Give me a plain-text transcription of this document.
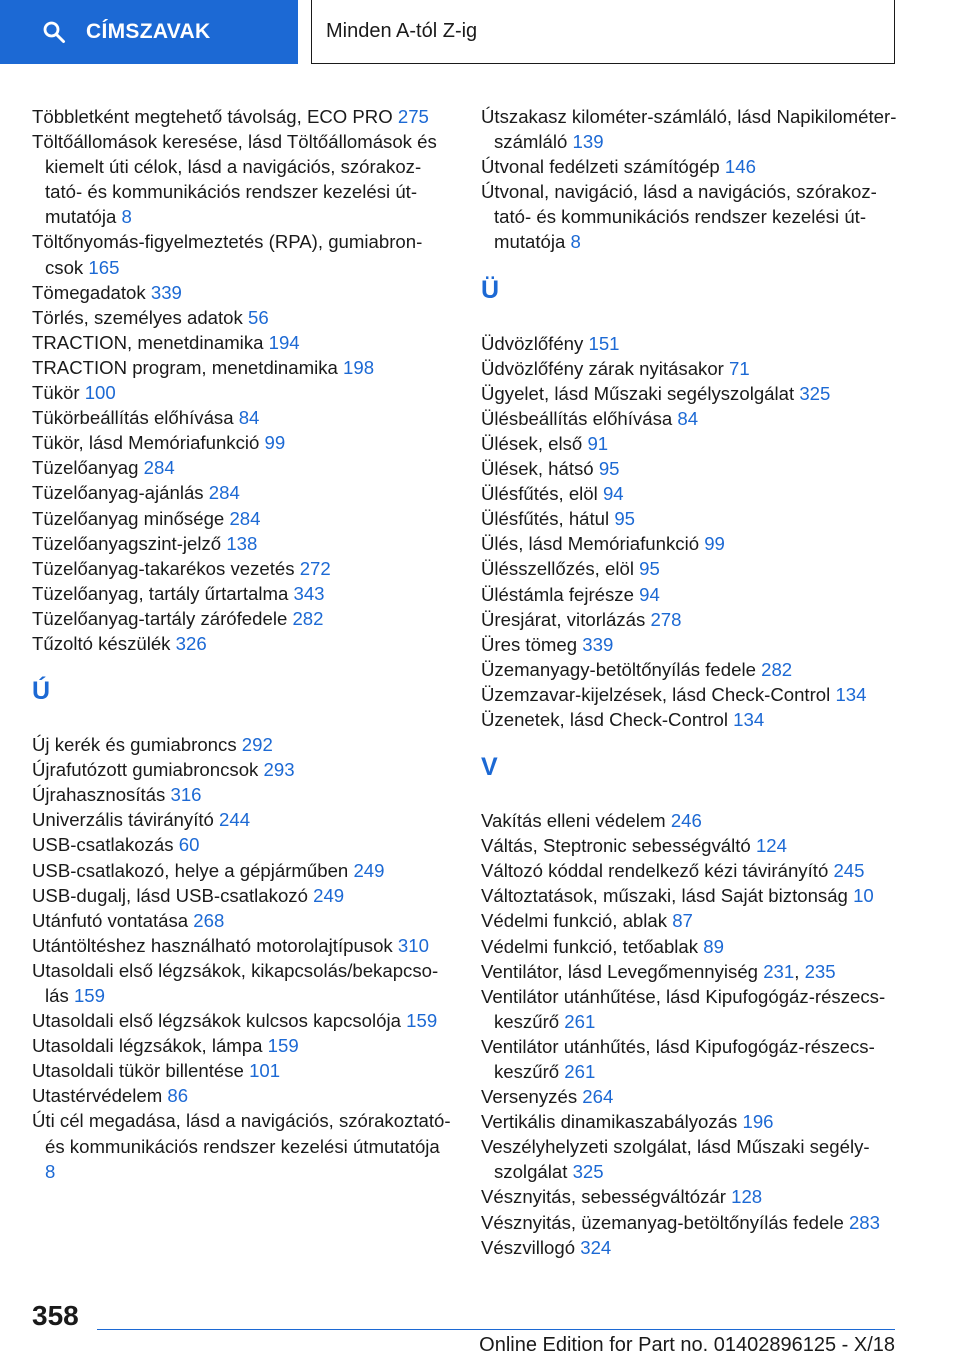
CÍMSZAVAK	Minden A-tól Z-ig
Többletként megtehető távolság, ECO PRO 275
Töltőállomások keresése, lásd Töltőállomások és kiemelt úti célok, lásd a navigációs, szórakoztató- és kommunikációs rendszer kezelési útmutatója 8
Töltőnyomás-figyelmeztetés (RPA), gumiabroncsok 165
Tömegadatok 339
Törlés, személyes adatok 56
TRACTION, menetdinamika 194
TRACTION program, menetdinamika 198
Tükör 100
Tükörbeállítás előhívása 84
Tükör, lásd Memóriafunkció 99
Tüzelőanyag 284
Tüzelőanyag-ajánlás 284
Tüzelőanyag minősége 284
Tüzelőanyagszint-jelző 138
Tüzelőanyag-takarékos vezetés 272
Tüzelőanyag, tartály űrtartalma 343
Tüzelőanyag-tartály zárófedele 282
Tűzoltó készülék 326
Ú
Új kerék és gumiabroncs 292
Újrafutózott gumiabroncsok 293
Újrahasznosítás 316
Univerzális távirányító 244
USB-csatlakozás 60
USB-csatlakozó, helye a gépjárműben 249
USB-dugalj, lásd USB-csatlakozó 249
Utánfutó vontatása 268
Utántöltéshez használható motorolajtípusok 310
Utasoldali első légzsákok, kikapcsolás/bekapcsolás 159
Utasoldali első légzsákok kulcsos kapcsolója 159
Utasoldali légzsákok, lámpa 159
Utasoldali tükör billentése 101
Utastérvédelem 86
Úti cél megadása, lásd a navigációs, szórakoztató- és kommunikációs rendszer kezelési útmutatója 8
Útszakasz kilométer-számláló, lásd Napikilométer-számláló 139
Útvonal fedélzeti számítógép 146
Útvonal, navigáció, lásd a navigációs, szórakoztató- és kommunikációs rendszer kezelési útmutatója 8
Ü
Üdvözlőfény 151
Üdvözlőfény zárak nyitásakor 71
Ügyelet, lásd Műszaki segélyszolgálat 325
Ülésbeállítás előhívása 84
Ülések, első 91
Ülések, hátsó 95
Ülésfűtés, elöl 94
Ülésfűtés, hátul 95
Ülés, lásd Memóriafunkció 99
Ülésszellőzés, elöl 95
Üléstámla fejrésze 94
Üresjárat, vitorlázás 278
Üres tömeg 339
Üzemanyagy-betöltőnyílás fedele 282
Üzemzavar-kijelzések, lásd Check-Control 134
Üzenetek, lásd Check-Control 134
V
Vakítás elleni védelem 246
Váltás, Steptronic sebességváltó 124
Változó kóddal rendelkező kézi távirányító 245
Változtatások, műszaki, lásd Saját biztonság 10
Védelmi funkció, ablak 87
Védelmi funkció, tetőablak 89
Ventilátor, lásd Levegőmennyiség 231, 235
Ventilátor utánhűtése, lásd Kipufogógáz-részecskeszűrő 261
Ventilátor utánhűtés, lásd Kipufogógáz-részecskeszűrő 261
Versenyzés 264
Vertikális dinamikaszabályozás 196
Veszélyhelyzeti szolgálat, lásd Műszaki segélyszolgálat 325
Vésznyitás, sebességváltózár 128
Vésznyitás, üzemanyag-betöltőnyílás fedele 283
Vészvillogó 324
358
Online Edition for Part no. 01402896125 - X/18
